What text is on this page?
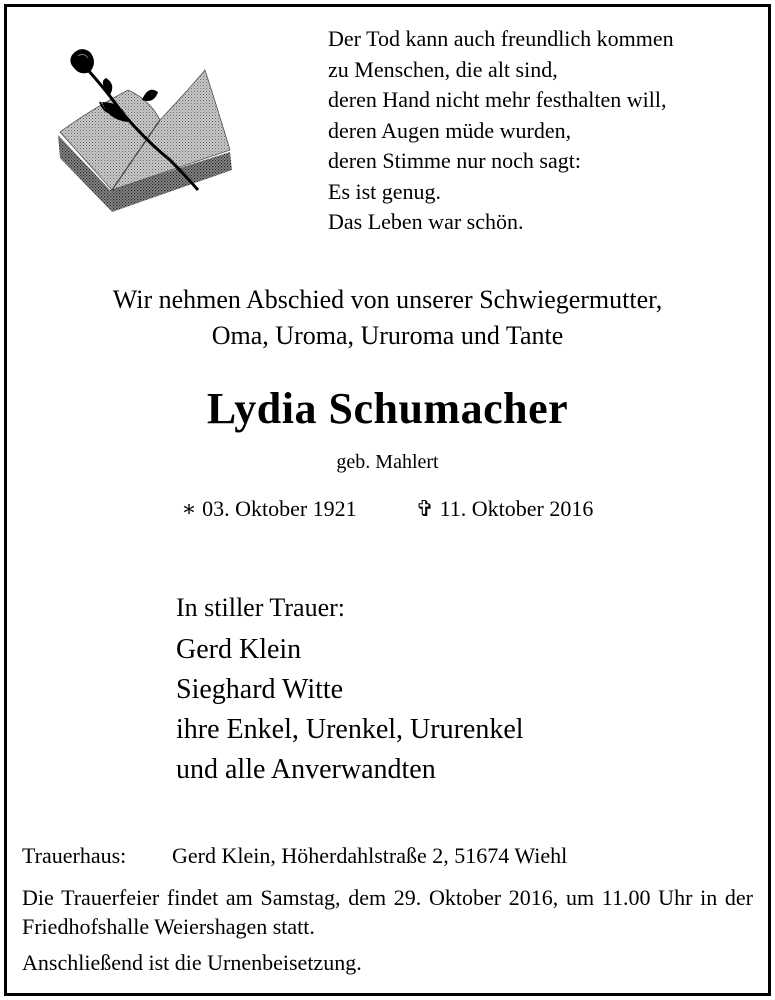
Der Tod kann auch freundlich kommen
zu Menschen, die alt sind,
deren Hand nicht mehr festhalten will,
deren Augen müde wurden,
deren Stimme nur noch sagt:
Es ist genug.
Das Leben war schön.
Wir nehmen Abschied von unserer Schwiegermutter,
Oma, Uroma, Ururoma und Tante
Lydia Schumacher
geb. Mahlert
∗ 03. Oktober 1921	✞ 11. Oktober 2016
In stiller Trauer:
Gerd Klein
Sieghard Witte
ihre Enkel, Urenkel, Ururenkel
und alle Anverwandten
Trauerhaus: Gerd Klein, Höherdahlstraße 2, 51674 Wiehl
Die Trauerfeier findet am Samstag, dem 29. Oktober 2016, um 11.00 Uhr in der Friedhofshalle Weiershagen statt.
Anschließend ist die Urnenbeisetzung.
